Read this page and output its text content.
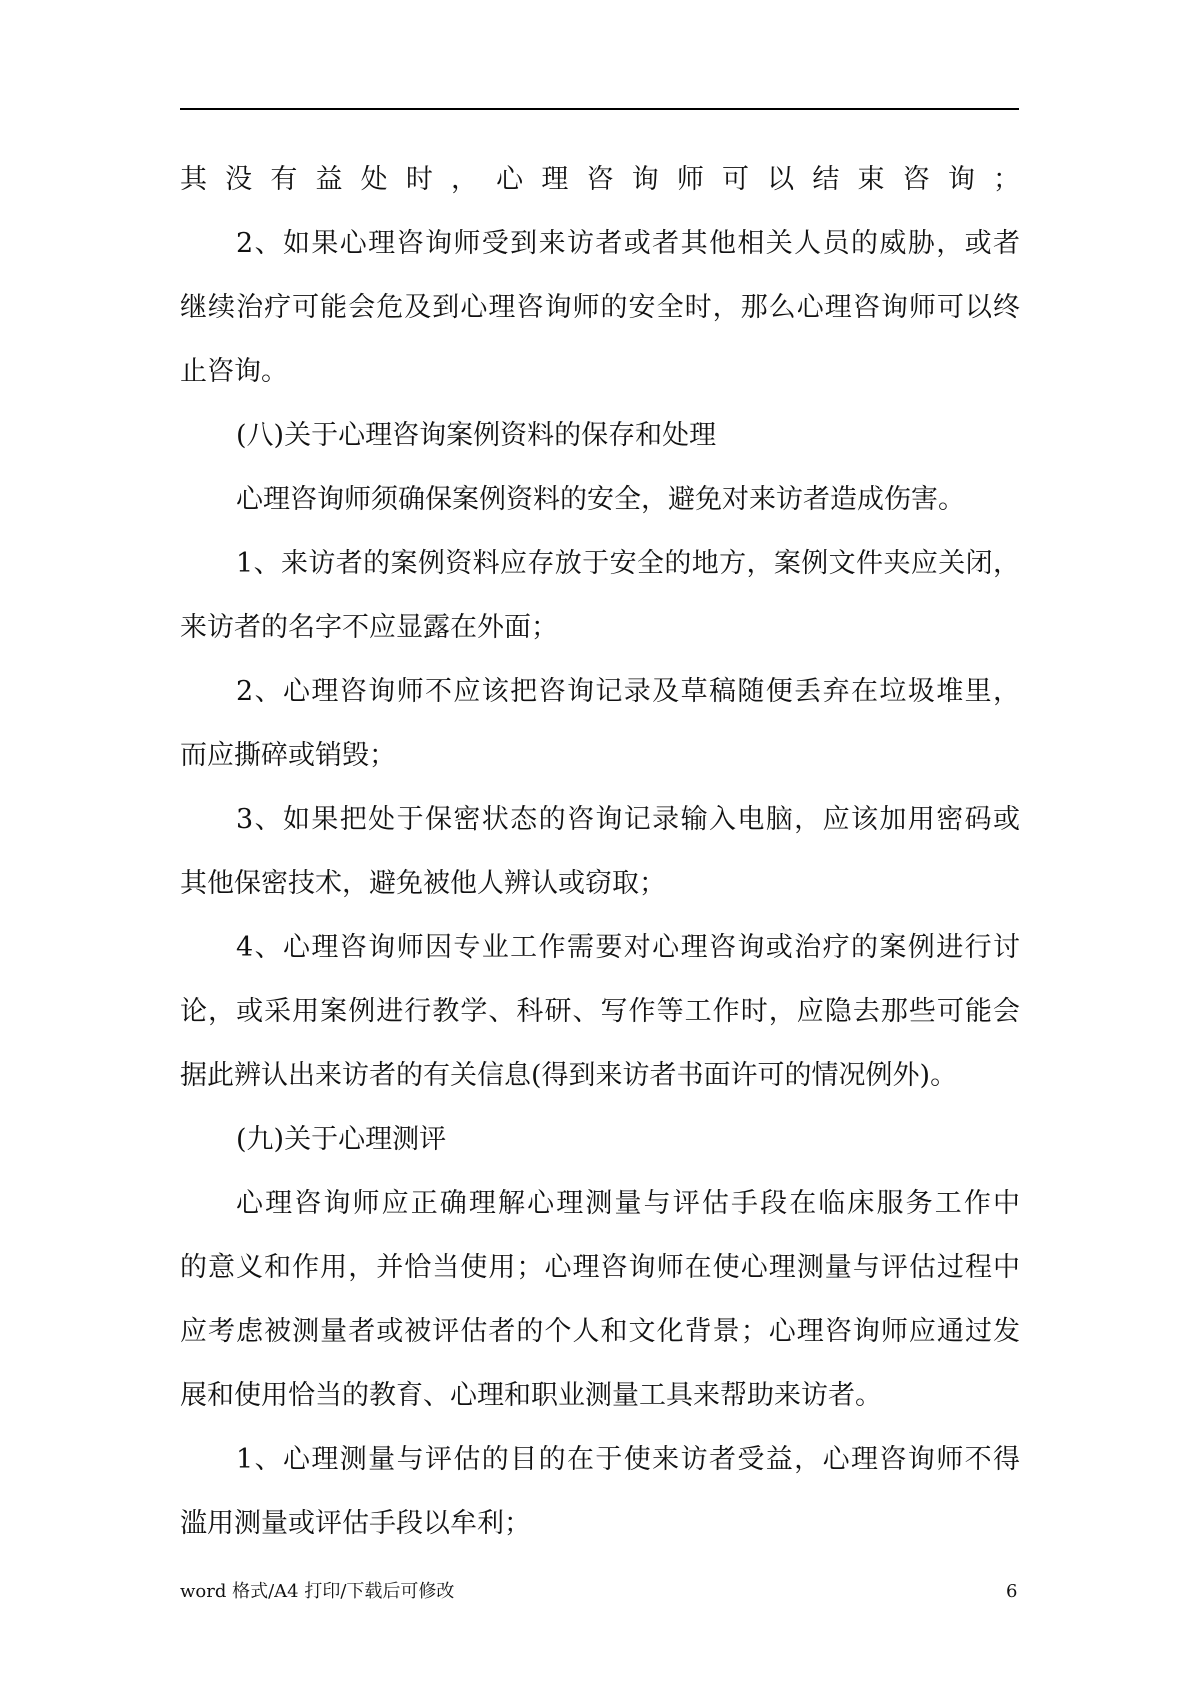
其没有益处时，心理咨询师可以结束咨询；
2、如果心理咨询师受到来访者或者其他相关人员的威胁，或者
继续治疗可能会危及到心理咨询师的安全时，那么心理咨询师可以终
止咨询。
(八)关于心理咨询案例资料的保存和处理
心理咨询师须确保案例资料的安全，避免对来访者造成伤害。
1、来访者的案例资料应存放于安全的地方，案例文件夹应关闭，
来访者的名字不应显露在外面；
2、心理咨询师不应该把咨询记录及草稿随便丢弃在垃圾堆里，
而应撕碎或销毁；
3、如果把处于保密状态的咨询记录输入电脑，应该加用密码或
其他保密技术，避免被他人辨认或窃取；
4、心理咨询师因专业工作需要对心理咨询或治疗的案例进行讨
论，或采用案例进行教学、科研、写作等工作时，应隐去那些可能会
据此辨认出来访者的有关信息(得到来访者书面许可的情况例外)。
(九)关于心理测评
心理咨询师应正确理解心理测量与评估手段在临床服务工作中
的意义和作用，并恰当使用；心理咨询师在使心理测量与评估过程中
应考虑被测量者或被评估者的个人和文化背景；心理咨询师应通过发
展和使用恰当的教育、心理和职业测量工具来帮助来访者。
1、心理测量与评估的目的在于使来访者受益，心理咨询师不得
滥用测量或评估手段以牟利；
word 格式/A4 打印/下载后可修改	6
